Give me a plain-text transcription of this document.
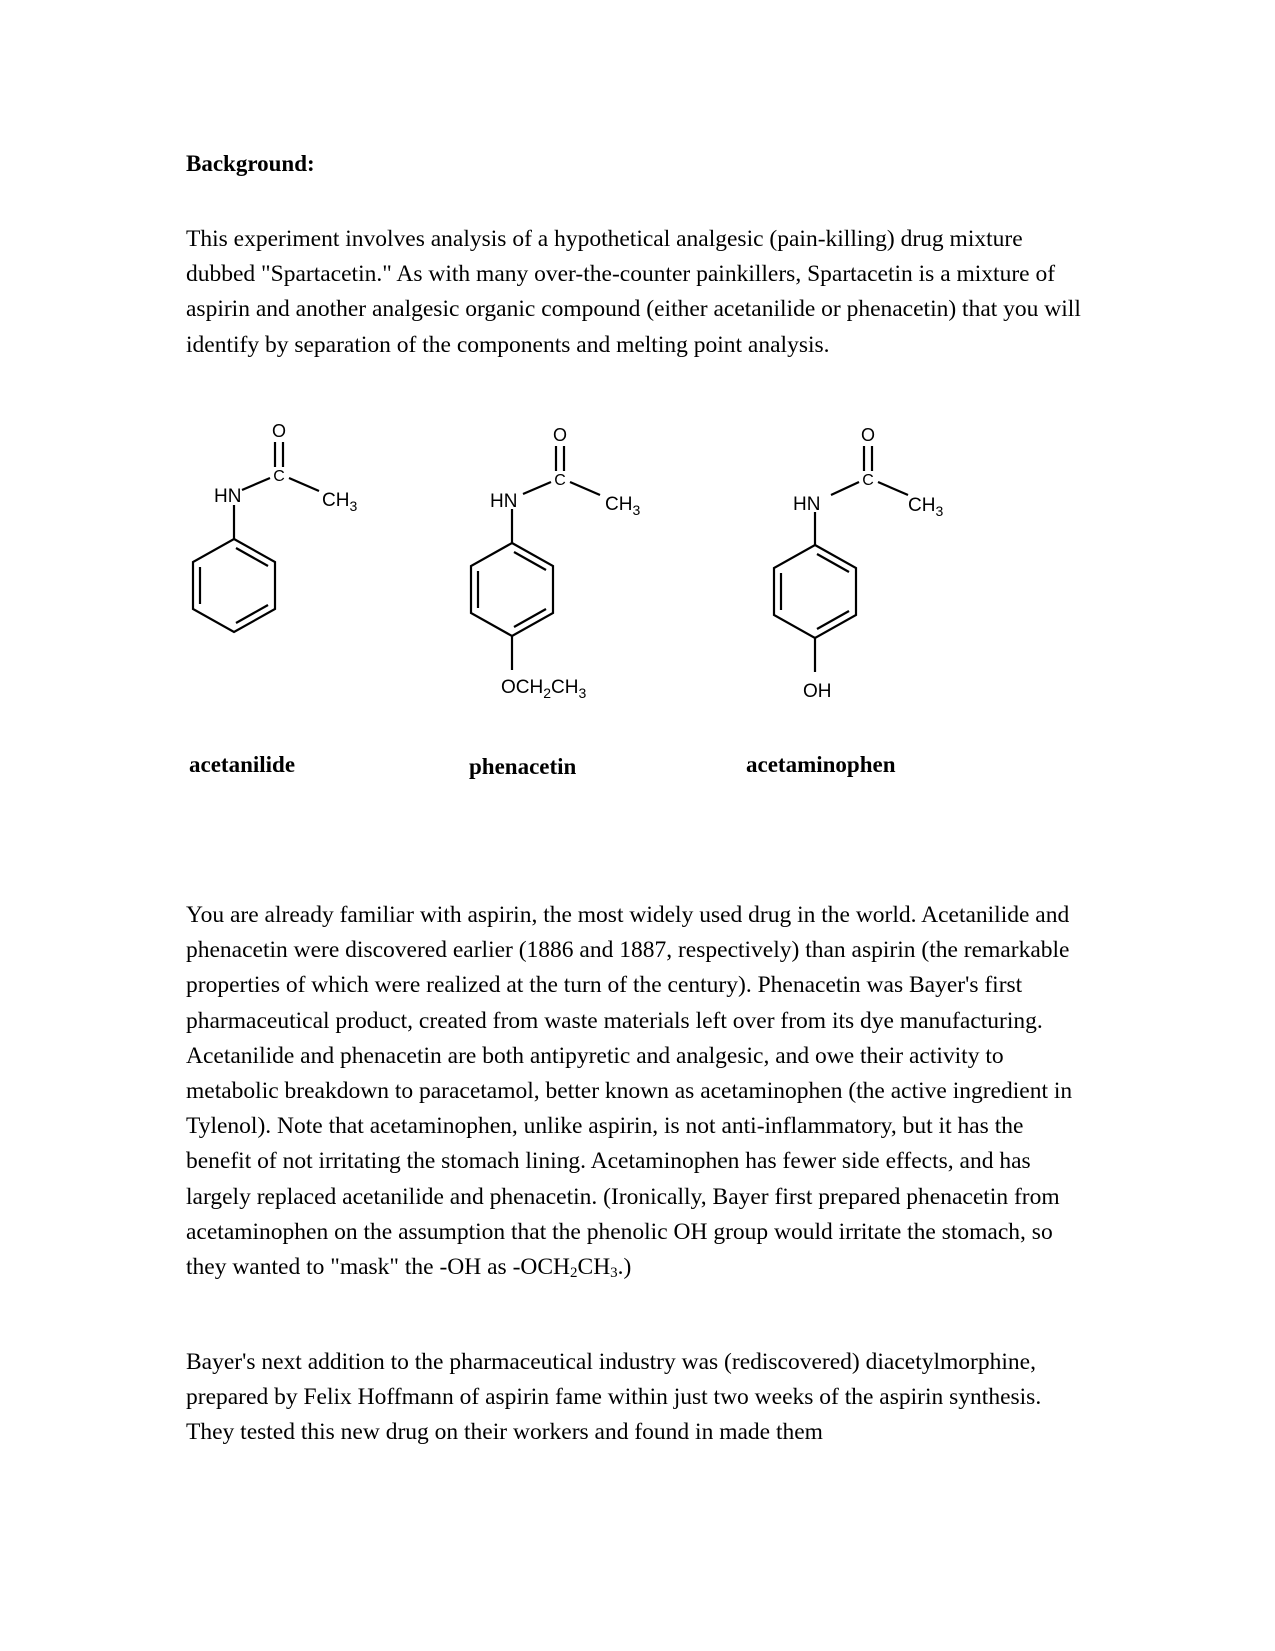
Background:

This experiment involves analysis of a hypothetical analgesic (pain-killing) drug mixture dubbed "Spartacetin." As with many over-the-counter painkillers, Spartacetin is a mixture of aspirin and another analgesic organic compound (either acetanilide or phenacetin) that you will identify by separation of the components and melting point analysis.

O
C
HN	$CH_3$
acetanilide
O
C
HN	$CH_3$
$OCH_2CH_3$
phenacetin
O
C
HN	$CH_3$
OH
acetaminophen

You are already familiar with aspirin, the most widely used drug in the world. Acetanilide and phenacetin were discovered earlier (1886 and 1887, respectively) than aspirin (the remarkable properties of which were realized at the turn of the century). Phenacetin was Bayer's first pharmaceutical product, created from waste materials left over from its dye manufacturing. Acetanilide and phenacetin are both antipyretic and analgesic, and owe their activity to metabolic breakdown to paracetamol, better known as acetaminophen (the active ingredient in Tylenol). Note that acetaminophen, unlike aspirin, is not anti-inflammatory, but it has the benefit of not irritating the stomach lining. Acetaminophen has fewer side effects, and has largely replaced acetanilide and phenacetin. (Ironically, Bayer first prepared phenacetin from acetaminophen on the assumption that the phenolic OH group would irritate the stomach, so they wanted to "mask" the -OH as $-OCH_2CH_3$.)

Bayer's next addition to the pharmaceutical industry was (rediscovered) diacetylmorphine, prepared by Felix Hoffmann of aspirin fame within just two weeks of the aspirin synthesis. They tested this new drug on their workers and found in made them
